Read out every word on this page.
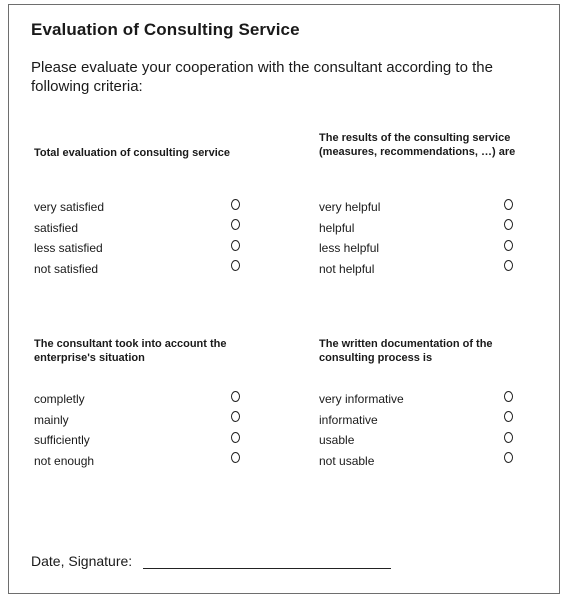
Evaluation of Consulting Service
Please evaluate your cooperation with the consultant according to the following criteria:
Total evaluation of consulting service
very satisfied
satisfied
less satisfied
not satisfied
The results of the consulting service (measures, recommendations, …) are
very helpful
helpful
less helpful
not helpful
The consultant took into account the enterprise's situation
completly
mainly
sufficiently
not enough
The written documentation of the consulting process is
very informative
informative
usable
not usable
Date, Signature:
